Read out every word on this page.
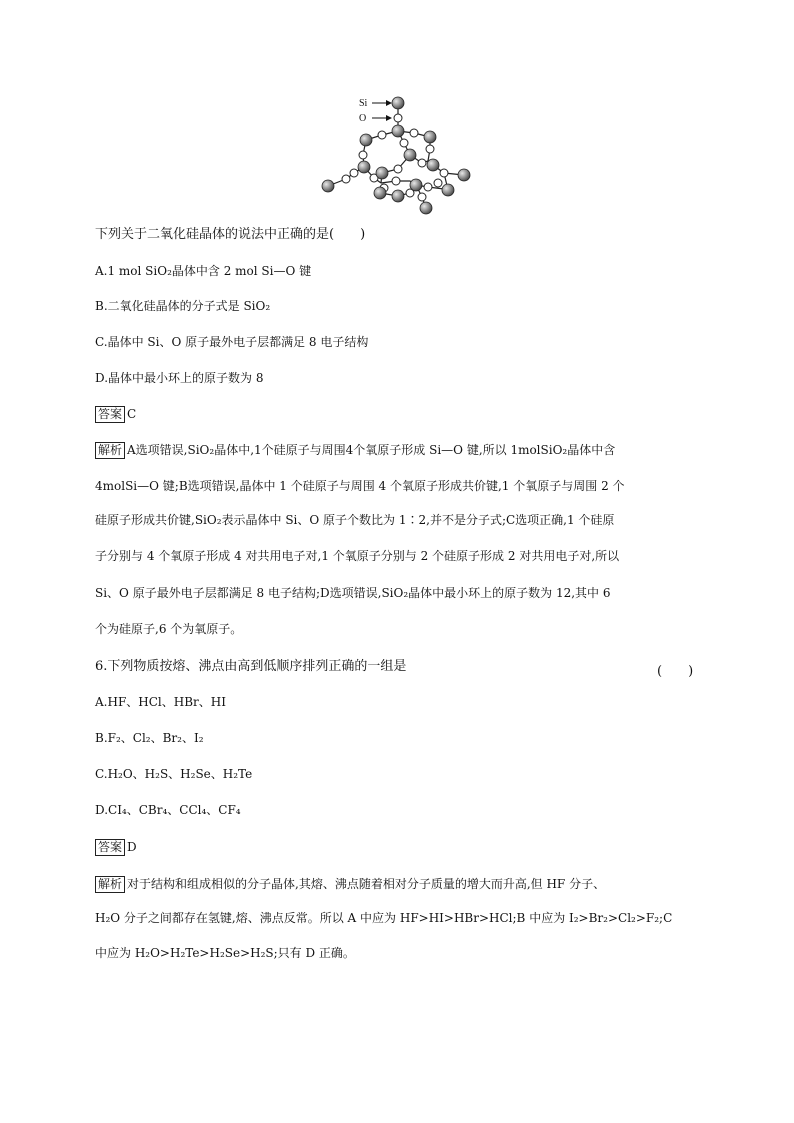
Si
O
下列关于二氧化硅晶体的说法中正确的是(　　)
A.1 mol SiO₂晶体中含 2 mol Si—O 键
B.二氧化硅晶体的分子式是 SiO₂
C.晶体中 Si、O 原子最外电子层都满足 8 电子结构
D.晶体中最小环上的原子数为 8
答案 C
解析 A选项错误,SiO₂晶体中,1个硅原子与周围4个氧原子形成 Si—O 键,所以 1molSiO₂晶体中含
4molSi—O 键;B选项错误,晶体中 1 个硅原子与周围 4 个氧原子形成共价键,1 个氧原子与周围 2 个
硅原子形成共价键,SiO₂表示晶体中 Si、O 原子个数比为 1∶2,并不是分子式;C选项正确,1 个硅原
子分别与 4 个氧原子形成 4 对共用电子对,1 个氧原子分别与 2 个硅原子形成 2 对共用电子对,所以
Si、O 原子最外电子层都满足 8 电子结构;D选项错误,SiO₂晶体中最小环上的原子数为 12,其中 6
个为硅原子,6 个为氧原子。
6.下列物质按熔、沸点由高到低顺序排列正确的一组是	(　　)
A.HF、HCl、HBr、HI
B.F₂、Cl₂、Br₂、I₂
C.H₂O、H₂S、H₂Se、H₂Te
D.CI₄、CBr₄、CCl₄、CF₄
答案 D
解析 对于结构和组成相似的分子晶体,其熔、沸点随着相对分子质量的增大而升高,但 HF 分子、
H₂O 分子之间都存在氢键,熔、沸点反常。所以 A 中应为 HF>HI>HBr>HCl;B 中应为 I₂>Br₂>Cl₂>F₂;C
中应为 H₂O>H₂Te>H₂Se>H₂S;只有 D 正确。
